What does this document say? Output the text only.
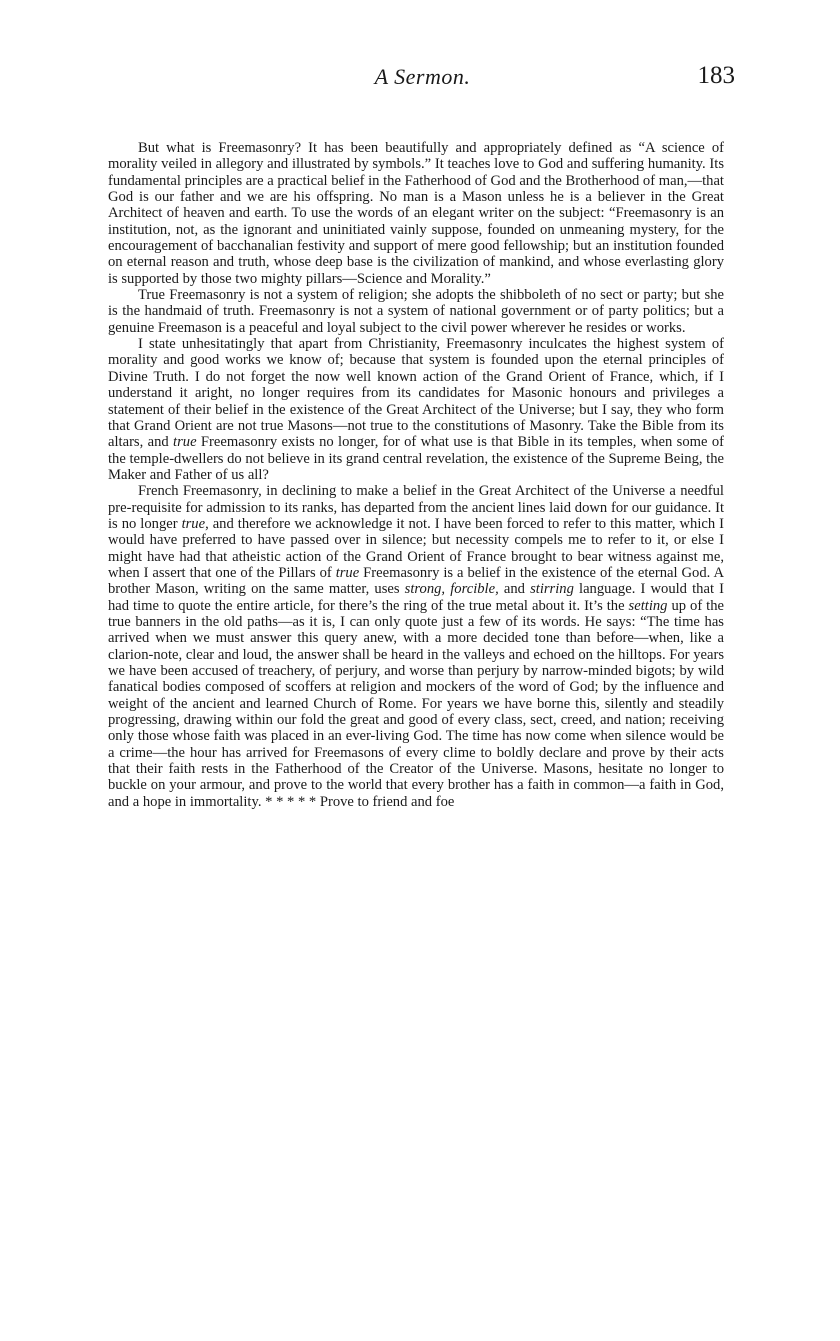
A Sermon.	183

But what is Freemasonry? It has been beautifully and appropriately defined as “A science of morality veiled in allegory and illustrated by symbols.” It teaches love to God and suffering humanity. Its fundamental principles are a practical belief in the Fatherhood of God and the Brotherhood of man,—that God is our father and we are his offspring. No man is a Mason unless he is a believer in the Great Architect of heaven and earth. To use the words of an elegant writer on the subject: “Freemasonry is an institution, not, as the ignorant and uninitiated vainly suppose, founded on unmeaning mystery, for the encouragement of bacchanalian festivity and support of mere good fellowship; but an institution founded on eternal reason and truth, whose deep base is the civilization of mankind, and whose everlasting glory is supported by those two mighty pillars—Science and Morality.”

True Freemasonry is not a system of religion; she adopts the shibboleth of no sect or party; but she is the handmaid of truth. Freemasonry is not a system of national government or of party politics; but a genuine Freemason is a peaceful and loyal subject to the civil power wherever he resides or works.

I state unhesitatingly that apart from Christianity, Freemasonry inculcates the highest system of morality and good works we know of; because that system is founded upon the eternal principles of Divine Truth. I do not forget the now well known action of the Grand Orient of France, which, if I understand it aright, no longer requires from its candidates for Masonic honours and privileges a statement of their belief in the existence of the Great Architect of the Universe; but I say, they who form that Grand Orient are not true Masons—not true to the constitutions of Masonry. Take the Bible from its altars, and true Freemasonry exists no longer, for of what use is that Bible in its temples, when some of the temple-dwellers do not believe in its grand central revelation, the existence of the Supreme Being, the Maker and Father of us all?

French Freemasonry, in declining to make a belief in the Great Architect of the Universe a needful pre-requisite for admission to its ranks, has departed from the ancient lines laid down for our guidance. It is no longer true, and therefore we acknowledge it not. I have been forced to refer to this matter, which I would have preferred to have passed over in silence; but necessity compels me to refer to it, or else I might have had that atheistic action of the Grand Orient of France brought to bear witness against me, when I assert that one of the Pillars of true Freemasonry is a belief in the existence of the eternal God. A brother Mason, writing on the same matter, uses strong, forcible, and stirring language. I would that I had time to quote the entire article, for there’s the ring of the true metal about it. It’s the setting up of the true banners in the old paths—as it is, I can only quote just a few of its words. He says: “The time has arrived when we must answer this query anew, with a more decided tone than before—when, like a clarion-note, clear and loud, the answer shall be heard in the valleys and echoed on the hilltops. For years we have been accused of treachery, of perjury, and worse than perjury by narrow-minded bigots; by wild fanatical bodies composed of scoffers at religion and mockers of the word of God; by the influence and weight of the ancient and learned Church of Rome. For years we have borne this, silently and steadily progressing, drawing within our fold the great and good of every class, sect, creed, and nation; receiving only those whose faith was placed in an ever-living God. The time has now come when silence would be a crime—the hour has arrived for Freemasons of every clime to boldly declare and prove by their acts that their faith rests in the Fatherhood of the Creator of the Universe. Masons, hesitate no longer to buckle on your armour, and prove to the world that every brother has a faith in common—a faith in God, and a hope in immortality. * * * * * Prove to friend and foe
